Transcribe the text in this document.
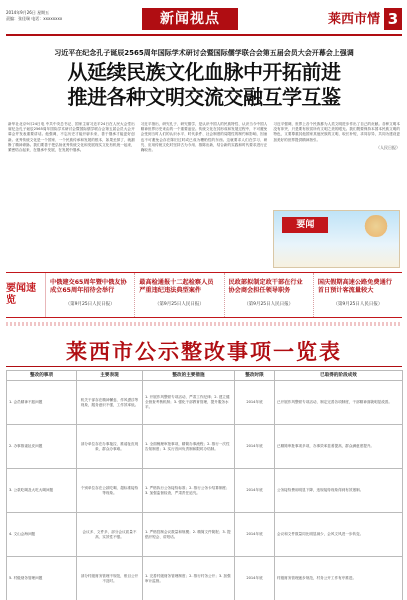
2014年9月26日 星期五
责编：张佳瑞 电话：xxxxxxxx	新闻视点	莱西市情 3
习近平在纪念孔子诞辰2565周年国际学术研讨会暨国际儒学联合会第五届会员大会开幕会上强调
从延续民族文化血脉中开拓前进
推进各种文明交流交融互学互鉴
新华社北京9月24日电 中共中央总书记、国家主席习近平24日在人民大会堂出席纪念孔子诞辰2565周年国际学术研讨会暨国际儒学联合会第五届会员大会开幕会并发表重要讲话。他强调，不忘历史才能开辟未来，善于继承才能更好创新。优秀传统文化是一个国家、一个民族传承和发展的根本，如果丢掉了，就割断了精神命脉。我们要善于把弘扬优秀传统文化和发展现实文化有机统一起来，紧密结合起来，在继承中发展，在发展中继承。
习近平指出，研究孔子、研究儒学，是认识中国人的民族特性、认识当今中国人精神世界历史来由的一个重要途径。传统文化在其形成和发展过程中，不可避免会受到当时人们的认识水平、时代条件、社会制度的局限性的制约和影响，因而也不可避免会存在陈旧过时或已成为糟粕性的东西。这就要求人们在学习、研究、应用传统文化时坚持古为今用、推陈出新，结合新的实践和时代要求进行正确取舍。
习近平强调，世界上各个民族都为人类文明进步作出了自己的贡献。各种文明本没有冲突，只是要有欣赏所有文明之美的眼光。我们既要保持本国本民族文明的特色，又要尊重其他国家其他民族的文明，取长补短，求同存异，共同为建设更加美好的世界提供精神指引。
（人民日报）
要闻
要闻速览
中俄建交65周年暨中俄友协成立65周年招待会举行
（第9月25日人民日报）
最高检通报十二起检察人员严重违纪违法典型案件
（第9月25日人民日报）
民政部拟制定政干部在行业协会商会担任领导职务
（第9月25日人民日报）
国庆假期高速公路免费通行首日预计客流量较大
（第9月25日人民日报）
莱西市公示整改事项一览表
整改的事项	主要表现	整改的主要措施	整改时限	已取得的阶段成效
1. 会员精神不振问题	机关干部存在精神懈怠、作风漂浮等现象，服务意识不强，工作效率低。	1. 开展作风整顿专项活动，严肃工作纪律；2. 建立健全督查考核机制；3. 强化干部教育管理，提升服务水平。	2014年底	已开展作风整顿专项活动，制定完善各项制度，干部精神面貌明显改善。
2. 办事推诿扯皮问题	部分单位存在办事拖拉、推诿扯皮现象，群众办事难。	1. 全面梳理审批事项，精简办事流程；2. 推行一次性告知制度；3. 实行首问负责制和限时办结制。	2014年底	已精简审批事项多项，办事效率显著提高，群众满意度提升。
3. 公款吃喝及大吃大喝问题	个别单位存在公款吃喝、超标准接待等现象。	1. 严格执行公务接待标准；2. 推行公务卡结算制度；3. 加强监督检查，严肃责任追究。	2014年底	公务接待费用明显下降，违规接待现象得到有效遏制。
4. 文山会海问题	会议多、文件多，部分会议质量不高、实效性不强。	1. 严格控制会议数量和规模；2. 精简文件简报；3. 提倡开短会、讲短话。	2014年底	会议和文件数量同比明显减少，会风文风进一步转变。
5. 村级财务管理问题	部分村级财务管理不规范，账目公开不及时。	1. 完善村级财务管理制度；2. 推行村务公开；3. 加强审计监督。	2014年底	村级财务管理逐步规范，村务公开工作有序推进。
